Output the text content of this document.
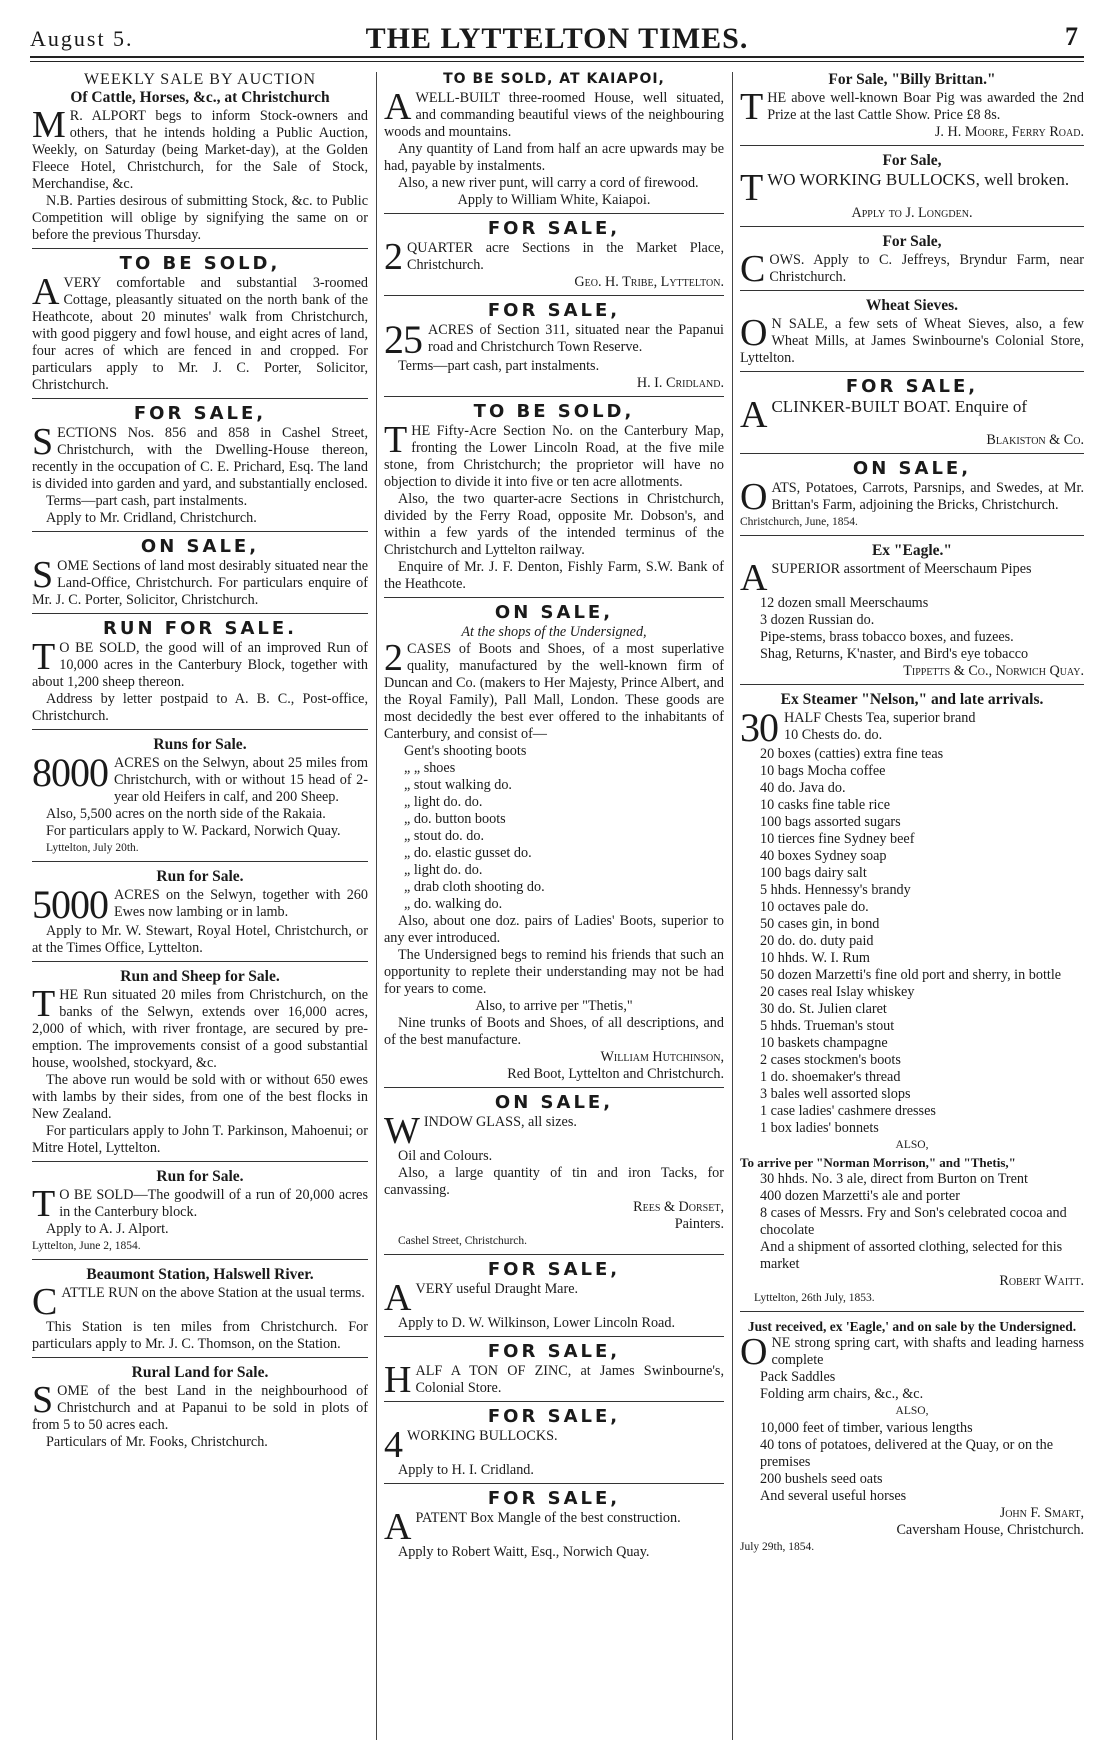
August 5.	THE LYTTELTON TIMES.	7
WEEKLY SALE BY AUCTION
Of Cattle, Horses, &c., at Christchurch

M R. ALPORT begs to inform Stock-owners and others, that he intends holding a Public Auction, Weekly, on Saturday (being Market-day), at the Golden Fleece Hotel, Christchurch, for the Sale of Stock, Merchandise, &c.

N.B. Parties desirous of submitting Stock, &c. to Public Competition will oblige by signifying the same on or before the previous Thursday.

TO BE SOLD,

AVERY comfortable and substantial 3-roomed Cottage, pleasantly situated on the north bank of the Heathcote, about 20 minutes' walk from Christchurch, with good piggery and fowl house, and eight acres of land, four acres of which are fenced in and cropped. For particulars apply to Mr. J. C. Porter, Solicitor, Christchurch.

FOR SALE,

SECTIONS Nos. 856 and 858 in Cashel Street, Christchurch, with the Dwelling-House thereon, recently in the occupation of C. E. Prichard, Esq. The land is divided into garden and yard, and substantially enclosed.

Terms—part cash, part instalments.

Apply to Mr. Cridland, Christchurch.

ON SALE,

SOME Sections of land most desirably situated near the Land-Office, Christchurch. For particulars enquire of Mr. J. C. Porter, Solicitor, Christchurch.

RUN FOR SALE.

T O BE SOLD, the good will of an improved Run of 10,000 acres in the Canterbury Block, together with about 1,200 sheep thereon.

Address by letter postpaid to A. B. C., Post-office, Christchurch.

Runs for Sale.

8000 ACRES on the Selwyn, about 25 miles from Christchurch, with or without 15 head of 2-year old Heifers in calf, and 200 Sheep.

Also, 5,500 acres on the north side of the Rakaia.

For particulars apply to W. Packard, Norwich Quay.

Lyttelton, July 20th.

Run for Sale.

5000 ACRES on the Selwyn, together with 260 Ewes now lambing or in lamb.

Apply to Mr. W. Stewart, Royal Hotel, Christchurch, or at the Times Office, Lyttelton.

Run and Sheep for Sale.

THE Run situated 20 miles from Christchurch, on the banks of the Selwyn, extends over 16,000 acres, 2,000 of which, with river frontage, are secured by pre-emption. The improvements consist of a good substantial house, woolshed, stockyard, &c.

The above run would be sold with or without 650 ewes with lambs by their sides, from one of the best flocks in New Zealand.

For particulars apply to John T. Parkinson, Mahoenui; or Mitre Hotel, Lyttelton.

Run for Sale.

T O BE SOLD—The goodwill of a run of 20,000 acres in the Canterbury block.

Apply to A. J. Alport.

Lyttelton, June 2, 1854.

Beaumont Station, Halswell River.

CATTLE RUN on the above Station at the usual terms.

This Station is ten miles from Christchurch. For particulars apply to Mr. J. C. Thomson, on the Station.

Rural Land for Sale.

SOME of the best Land in the neighbourhood of Christchurch and at Papanui to be sold in plots of from 5 to 50 acres each.

Particulars of Mr. Fooks, Christchurch.

TO BE SOLD, AT KAIAPOI,

AWELL-BUILT three-roomed House, well situated, and commanding beautiful views of the neighbouring woods and mountains.

Any quantity of Land from half an acre upwards may be had, payable by instalments.

Also, a new river punt, will carry a cord of firewood.

Apply to William White, Kaiapoi.

FOR SALE,

2 QUARTER acre Sections in the Market Place, Christchurch.

Geo. H. Tribe, Lyttelton.

FOR SALE,

25 ACRES of Section 311, situated near the Papanui road and Christchurch Town Reserve.

Terms—part cash, part instalments.

H. I. Cridland.

TO BE SOLD,

THE Fifty-Acre Section No. on the Canterbury Map, fronting the Lower Lincoln Road, at the five mile stone, from Christchurch; the proprietor will have no objection to divide it into five or ten acre allotments.

Also, the two quarter-acre Sections in Christchurch, divided by the Ferry Road, opposite Mr. Dobson's, and within a few yards of the intended terminus of the Christchurch and Lyttelton railway.

Enquire of Mr. J. F. Denton, Fishly Farm, S.W. Bank of the Heathcote.

ON SALE,
At the shops of the Undersigned,

2 CASES of Boots and Shoes, of a most superlative quality, manufactured by the well-known firm of Duncan and Co. (makers to Her Majesty, Prince Albert, and the Royal Family), Pall Mall, London. These goods are most decidedly the best ever offered to the inhabitants of Canterbury, and consist of—

Gent's shooting boots
„ „ shoes
„ stout walking do.
„ light do. do.
„ do. button boots
„ stout do. do.
„ do. elastic gusset do.
„ light do. do.
„ drab cloth shooting do.
„ do. walking do.

Also, about one doz. pairs of Ladies' Boots, superior to any ever introduced.

The Undersigned begs to remind his friends that such an opportunity to replete their understanding may not be had for years to come.

Also, to arrive per "Thetis,"

Nine trunks of Boots and Shoes, of all descriptions, and of the best manufacture.

William Hutchinson,

Red Boot, Lyttelton and Christchurch.

ON SALE,

WINDOW GLASS, all sizes.

Oil and Colours.

Also, a large quantity of tin and iron Tacks, for canvassing.

Rees & Dorset,

Painters.

Cashel Street, Christchurch.

FOR SALE,

AVERY useful Draught Mare.

Apply to D. W. Wilkinson, Lower Lincoln Road.

FOR SALE,

HALF A TON OF ZINC, at James Swinbourne's, Colonial Store.

FOR SALE,

4 WORKING BULLOCKS.

Apply to H. I. Cridland.

FOR SALE,

APATENT Box Mangle of the best construction.

Apply to Robert Waitt, Esq., Norwich Quay.

For Sale, "Billy Brittan."

THE above well-known Boar Pig was awarded the 2nd Prize at the last Cattle Show. Price £8 8s.

J. H. Moore, Ferry Road.

For Sale,

TWO WORKING BULLOCKS, well broken.

Apply to J. Longden.

For Sale,

COWS. Apply to C. Jeffreys, Bryndur Farm, near Christchurch.

Wheat Sieves.

O N SALE, a few sets of Wheat Sieves, also, a few Wheat Mills, at James Swinbourne's Colonial Store, Lyttelton.

FOR SALE,

ACLINKER-BUILT BOAT. Enquire of

Blakiston & Co.

ON SALE,

OATS, Potatoes, Carrots, Parsnips, and Swedes, at Mr. Brittan's Farm, adjoining the Bricks, Christchurch.

Christchurch, June, 1854.

Ex "Eagle."

ASUPERIOR assortment of Meerschaum Pipes

12 dozen small Meerschaums
3 dozen Russian do.
Pipe-stems, brass tobacco boxes, and fuzees.
Shag, Returns, K'naster, and Bird's eye tobacco

Tippetts & Co., Norwich Quay.

Ex Steamer "Nelson," and late arrivals.

30 HALF Chests Tea, superior brand
10 Chests do. do.

20 boxes (catties) extra fine teas
10 bags Mocha coffee
40 do. Java do.
10 casks fine table rice
100 bags assorted sugars
10 tierces fine Sydney beef
40 boxes Sydney soap
100 bags dairy salt
5 hhds. Hennessy's brandy
10 octaves pale do.
50 cases gin, in bond
20 do. do. duty paid
10 hhds. W. I. Rum
50 dozen Marzetti's fine old port and sherry, in bottle
20 cases real Islay whiskey
30 do. St. Julien claret
5 hhds. Trueman's stout
10 baskets champagne
2 cases stockmen's boots
1 do. shoemaker's thread
3 bales well assorted slops
1 case ladies' cashmere dresses
1 box ladies' bonnets

ALSO,

To arrive per "Norman Morrison," and "Thetis,"

30 hhds. No. 3 ale, direct from Burton on Trent
400 dozen Marzetti's ale and porter
8 cases of Messrs. Fry and Son's celebrated cocoa and chocolate
And a shipment of assorted clothing, selected for this market

Robert Waitt.

Lyttelton, 26th July, 1853.

Just received, ex 'Eagle,' and on sale by the Undersigned.

ONE strong spring cart, with shafts and leading harness complete

Pack Saddles
Folding arm chairs, &c., &c.

ALSO,

10,000 feet of timber, various lengths
40 tons of potatoes, delivered at the Quay, or on the premises
200 bushels seed oats
And several useful horses

John F. Smart,

Caversham House, Christchurch.

July 29th, 1854.
